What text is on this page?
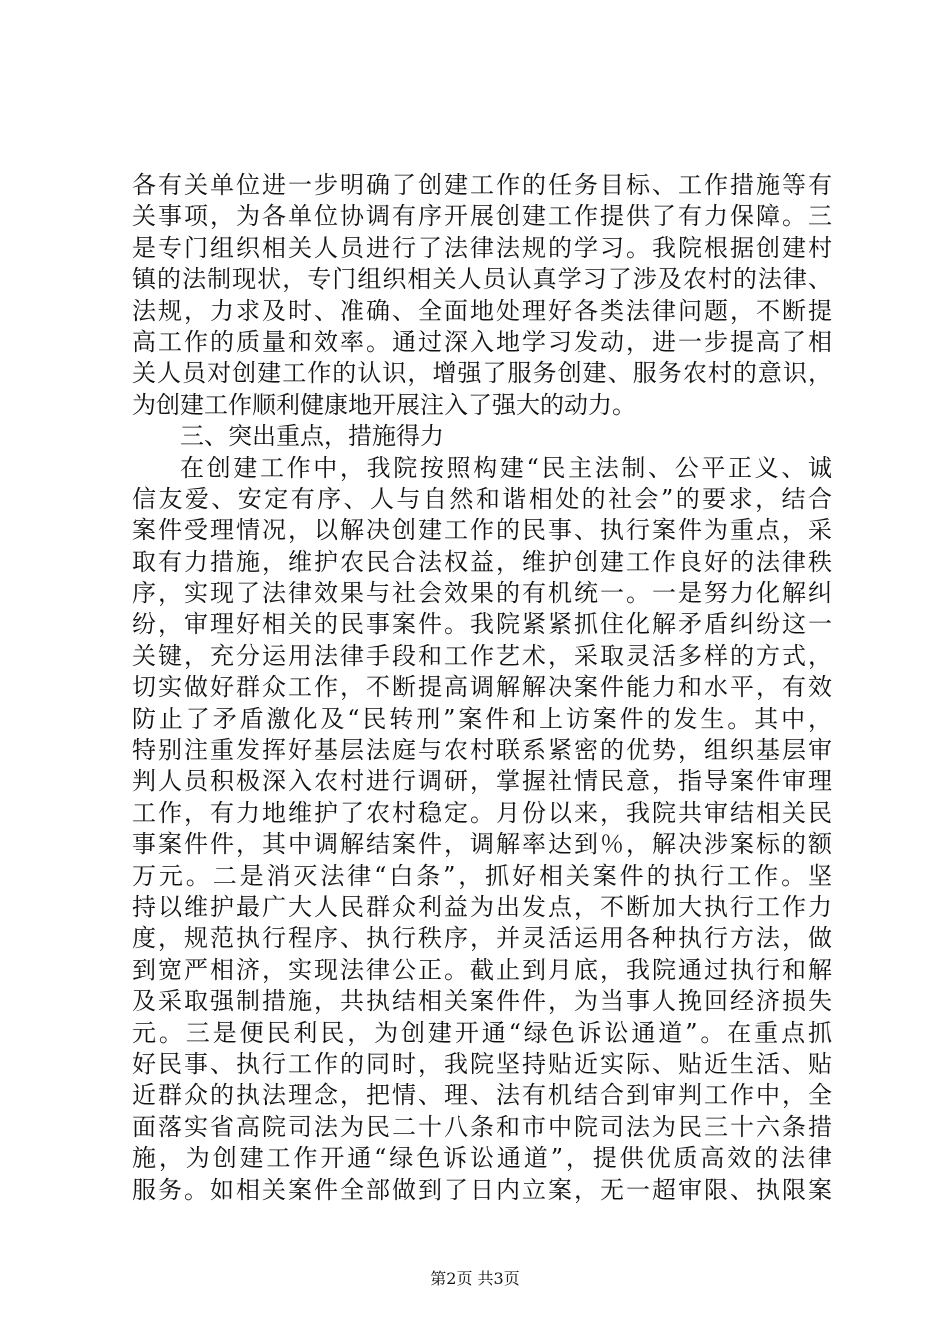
各有关单位进一步明确了创建工作的任务目标、工作措施等有
关事项，为各单位协调有序开展创建工作提供了有力保障。三
是专门组织相关人员进行了法律法规的学习。我院根据创建村
镇的法制现状，专门组织相关人员认真学习了涉及农村的法律、
法规，力求及时、准确、全面地处理好各类法律问题，不断提
高工作的质量和效率。通过深入地学习发动，进一步提高了相
关人员对创建工作的认识，增强了服务创建、服务农村的意识，
为创建工作顺利健康地开展注入了强大的动力。
三、突出重点，措施得力
在创建工作中，我院按照构建“民主法制、公平正义、诚
信友爱、安定有序、人与自然和谐相处的社会”的要求，结合
案件受理情况，以解决创建工作的民事、执行案件为重点，采
取有力措施，维护农民合法权益，维护创建工作良好的法律秩
序，实现了法律效果与社会效果的有机统一。一是努力化解纠
纷，审理好相关的民事案件。我院紧紧抓住化解矛盾纠纷这一
关键，充分运用法律手段和工作艺术，采取灵活多样的方式，
切实做好群众工作，不断提高调解解决案件能力和水平，有效
防止了矛盾激化及“民转刑”案件和上访案件的发生。其中，
特别注重发挥好基层法庭与农村联系紧密的优势，组织基层审
判人员积极深入农村进行调研，掌握社情民意，指导案件审理
工作，有力地维护了农村稳定。月份以来，我院共审结相关民
事案件件，其中调解结案件，调解率达到％，解决涉案标的额
万元。二是消灭法律“白条”，抓好相关案件的执行工作。坚
持以维护最广大人民群众利益为出发点，不断加大执行工作力
度，规范执行程序、执行秩序，并灵活运用各种执行方法，做
到宽严相济，实现法律公正。截止到月底，我院通过执行和解
及采取强制措施，共执结相关案件件，为当事人挽回经济损失
元。三是便民利民，为创建开通“绿色诉讼通道”。在重点抓
好民事、执行工作的同时，我院坚持贴近实际、贴近生活、贴
近群众的执法理念，把情、理、法有机结合到审判工作中，全
面落实省高院司法为民二十八条和市中院司法为民三十六条措
施，为创建工作开通“绿色诉讼通道”，提供优质高效的法律
服务。如相关案件全部做到了日内立案，无一超审限、执限案
第2页 共3页
